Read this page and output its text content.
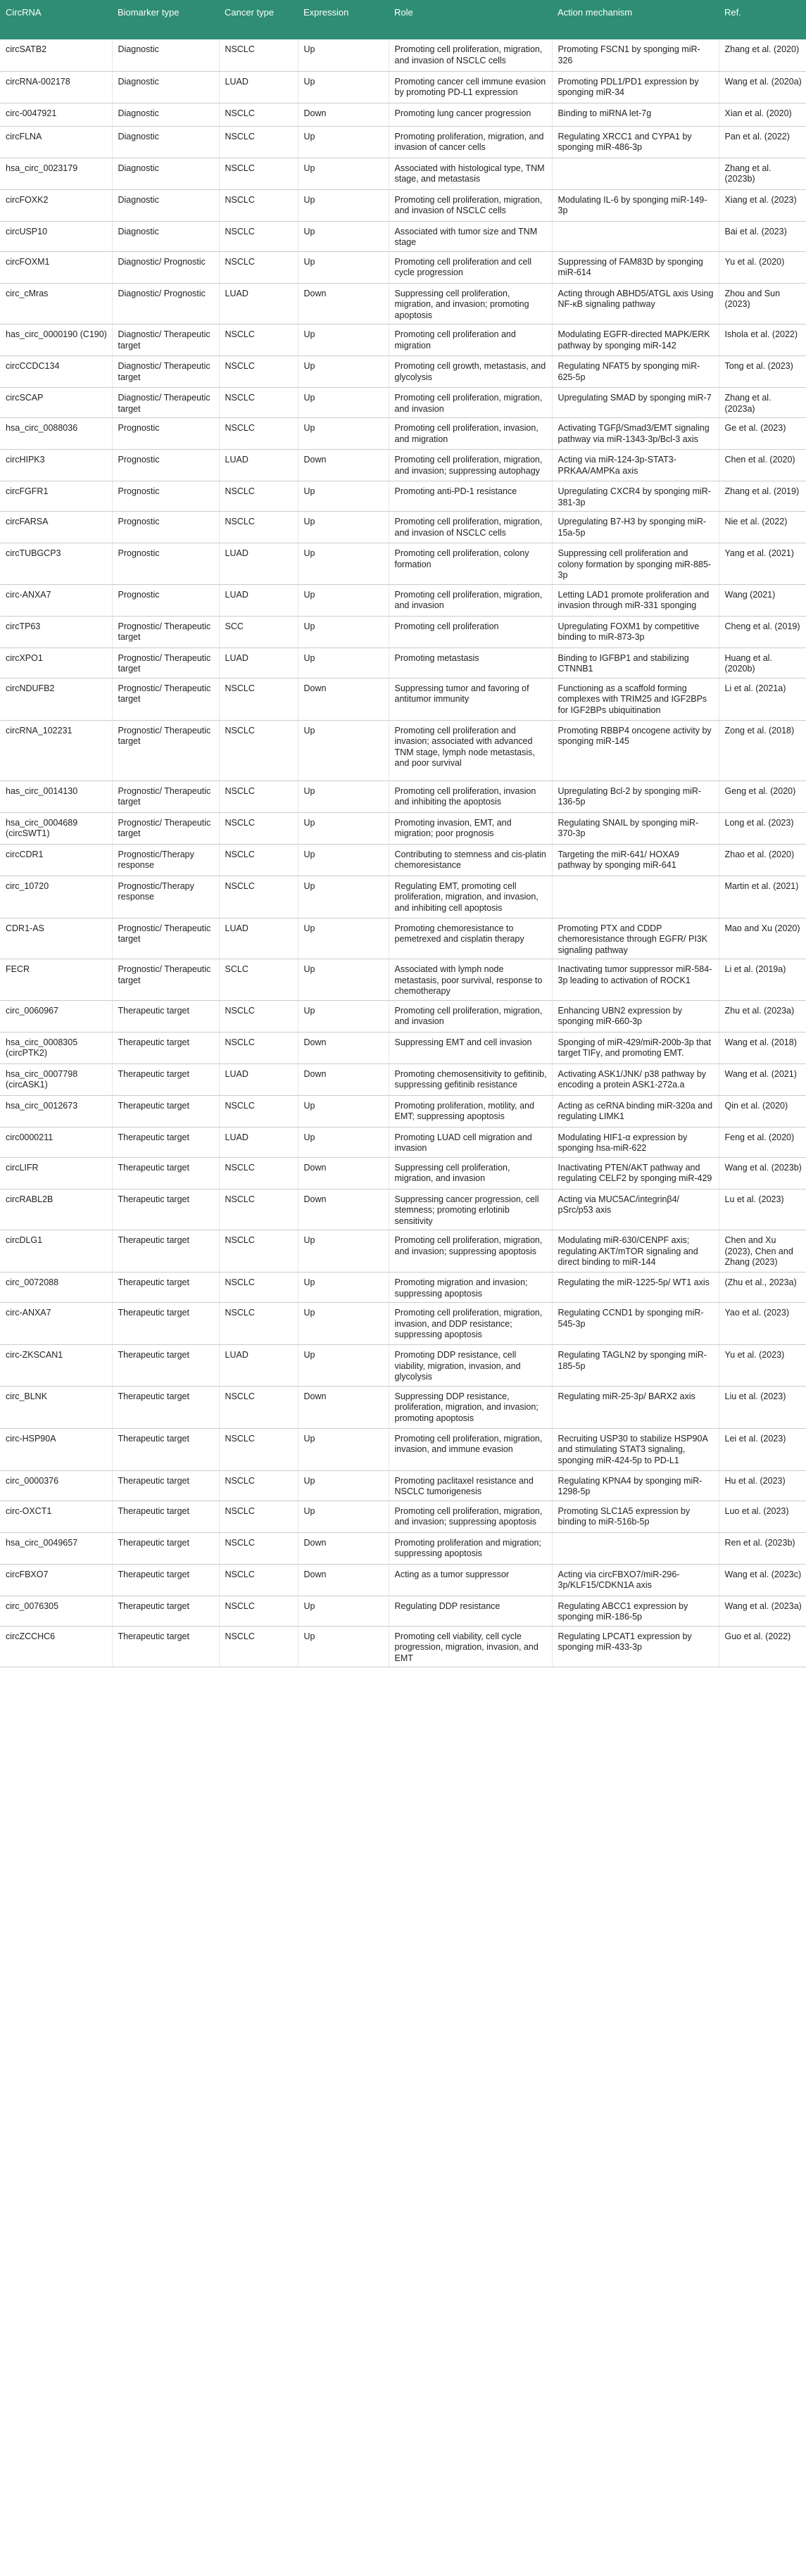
CircRNA	Biomarker type	Cancer type	Expression	Role	Action mechanism	Ref.
circSATB2	Diagnostic	NSCLC	Up	Promoting cell proliferation, migration, and invasion of NSCLC cells	Promoting FSCN1 by sponging miR-326	Zhang et al. (2020)
circRNA-002178	Diagnostic	LUAD	Up	Promoting cancer cell immune evasion by promoting PD-L1 expression	Promoting PDL1/PD1 expression by sponging miR-34	Wang et al. (2020a)
circ-0047921	Diagnostic	NSCLC	Down	Promoting lung cancer progression	Binding to miRNA let-7g	Xian et al. (2020)
circFLNA	Diagnostic	NSCLC	Up	Promoting proliferation, migration, and invasion of cancer cells	Regulating XRCC1 and CYPA1 by sponging miR-486-3p	Pan et al. (2022)
hsa_circ_0023179	Diagnostic	NSCLC	Up	Associated with histological type, TNM stage, and metastasis		Zhang et al. (2023b)
circFOXK2	Diagnostic	NSCLC	Up	Promoting cell proliferation, migration, and invasion of NSCLC cells	Modulating IL-6 by sponging miR-149-3p	Xiang et al. (2023)
circUSP10	Diagnostic	NSCLC	Up	Associated with tumor size and TNM stage		Bai et al. (2023)
circFOXM1	Diagnostic/ Prognostic	NSCLC	Up	Promoting cell proliferation and cell cycle progression	Suppressing of FAM83D by sponging miR-614	Yu et al. (2020)
circ_cMras	Diagnostic/ Prognostic	LUAD	Down	Suppressing cell proliferation, migration, and invasion; promoting apoptosis	Acting through ABHD5/ATGL axis Using NF-κB signaling pathway	Zhou and Sun (2023)
has_circ_0000190 (C190)	Diagnostic/ Therapeutic target	NSCLC	Up	Promoting cell proliferation and migration	Modulating EGFR-directed MAPK/ERK pathway by sponging miR-142	Ishola et al. (2022)
circCCDC134	Diagnostic/ Therapeutic target	NSCLC	Up	Promoting cell growth, metastasis, and glycolysis	Regulating NFAT5 by sponging miR-625-5p	Tong et al. (2023)
circSCAP	Diagnostic/ Therapeutic target	NSCLC	Up	Promoting cell proliferation, migration, and invasion	Upregulating SMAD by sponging miR-7	Zhang et al. (2023a)
hsa_circ_0088036	Prognostic	NSCLC	Up	Promoting cell proliferation, invasion, and migration	Activating TGFβ/Smad3/EMT signaling pathway via miR-1343-3p/Bcl-3 axis	Ge et al. (2023)
circHIPK3	Prognostic	LUAD	Down	Promoting cell proliferation, migration, and invasion; suppressing autophagy	Acting via miR-124-3p-STAT3-PRKAA/AMPKa axis	Chen et al. (2020)
circFGFR1	Prognostic	NSCLC	Up	Promoting anti-PD-1 resistance	Upregulating CXCR4 by sponging miR-381-3p	Zhang et al. (2019)
circFARSA	Prognostic	NSCLC	Up	Promoting cell proliferation, migration, and invasion of NSCLC cells	Upregulating B7-H3 by sponging miR-15a-5p	Nie et al. (2022)
circTUBGCP3	Prognostic	LUAD	Up	Promoting cell proliferation, colony formation	Suppressing cell proliferation and colony formation by sponging miR-885-3p	Yang et al. (2021)
circ-ANXA7	Prognostic	LUAD	Up	Promoting cell proliferation, migration, and invasion	Letting LAD1 promote proliferation and invasion through miR-331 sponging	Wang (2021)
circTP63	Prognostic/ Therapeutic target	SCC	Up	Promoting cell proliferation	Upregulating FOXM1 by competitive binding to miR-873-3p	Cheng et al. (2019)
circXPO1	Prognostic/ Therapeutic target	LUAD	Up	Promoting metastasis	Binding to IGFBP1 and stabilizing CTNNB1	Huang et al. (2020b)
circNDUFB2	Prognostic/ Therapeutic target	NSCLC	Down	Suppressing tumor and favoring of antitumor immunity	Functioning as a scaffold forming complexes with TRIM25 and IGF2BPs for IGF2BPs ubiquitination	Li et al. (2021a)
circRNA_102231	Prognostic/ Therapeutic target	NSCLC	Up	Promoting cell proliferation and invasion; associated with advanced TNM stage, lymph node metastasis, and poor survival	Promoting RBBP4 oncogene activity by sponging miR-145	Zong et al. (2018)
has_circ_0014130	Prognostic/ Therapeutic target	NSCLC	Up	Promoting cell proliferation, invasion and inhibiting the apoptosis	Upregulating Bcl-2 by sponging miR-136-5p	Geng et al. (2020)
hsa_circ_0004689 (circSWT1)	Prognostic/ Therapeutic target	NSCLC	Up	Promoting invasion, EMT, and migration; poor prognosis	Regulating SNAIL by sponging miR-370-3p	Long et al. (2023)
circCDR1	Prognostic/Therapy response	NSCLC	Up	Contributing to stemness and cis-platin chemoresistance	Targeting the miR-641/ HOXA9 pathway by sponging miR-641	Zhao et al. (2020)
circ_10720	Prognostic/Therapy response	NSCLC	Up	Regulating EMT, promoting cell proliferation, migration, and invasion, and inhibiting cell apoptosis		Martin et al. (2021)
CDR1-AS	Prognostic/ Therapeutic target	LUAD	Up	Promoting chemoresistance to pemetrexed and cisplatin therapy	Promoting PTX and CDDP chemoresistance through EGFR/ PI3K signaling pathway	Mao and Xu (2020)
FECR	Prognostic/ Therapeutic target	SCLC	Up	Associated with lymph node metastasis, poor survival, response to chemotherapy	Inactivating tumor suppressor miR-584-3p leading to activation of ROCK1	Li et al. (2019a)
circ_0060967	Therapeutic target	NSCLC	Up	Promoting cell proliferation, migration, and invasion	Enhancing UBN2 expression by sponging miR-660-3p	Zhu et al. (2023a)
hsa_circ_0008305 (circPTK2)	Therapeutic target	NSCLC	Down	Suppressing EMT and cell invasion	Sponging of miR-429/miR-200b-3p that target TIFγ, and promoting EMT.	Wang et al. (2018)
hsa_circ_0007798 (circASK1)	Therapeutic target	LUAD	Down	Promoting chemosensitivity to gefitinib, suppressing gefitinib resistance	Activating ASK1/JNK/ p38 pathway by encoding a protein ASK1-272a.a	Wang et al. (2021)
hsa_circ_0012673	Therapeutic target	NSCLC	Up	Promoting proliferation, motility, and EMT; suppressing apoptosis	Acting as ceRNA binding miR-320a and regulating LIMK1	Qin et al. (2020)
circ0000211	Therapeutic target	LUAD	Up	Promoting LUAD cell migration and invasion	Modulating HIF1-α expression by sponging hsa-miR-622	Feng et al. (2020)
circLIFR	Therapeutic target	NSCLC	Down	Suppressing cell proliferation, migration, and invasion	Inactivating PTEN/AKT pathway and regulating CELF2 by sponging miR-429	Wang et al. (2023b)
circRABL2B	Therapeutic target	NSCLC	Down	Suppressing cancer progression, cell stemness; promoting erlotinib sensitivity	Acting via MUC5AC/integrinβ4/ pSrc/p53 axis	Lu et al. (2023)
circDLG1	Therapeutic target	NSCLC	Up	Promoting cell proliferation, migration, and invasion; suppressing apoptosis	Modulating miR-630/CENPF axis; regulating AKT/mTOR signaling and direct binding to miR-144	Chen and Xu (2023), Chen and Zhang (2023)
circ_0072088	Therapeutic target	NSCLC	Up	Promoting migration and invasion; suppressing apoptosis	Regulating the miR-1225-5p/ WT1 axis	(Zhu et al., 2023a)
circ-ANXA7	Therapeutic target	NSCLC	Up	Promoting cell proliferation, migration, invasion, and DDP resistance; suppressing apoptosis	Regulating CCND1 by sponging miR-545-3p	Yao et al. (2023)
circ-ZKSCAN1	Therapeutic target	LUAD	Up	Promoting DDP resistance, cell viability, migration, invasion, and glycolysis	Regulating TAGLN2 by sponging miR-185-5p	Yu et al. (2023)
circ_BLNK	Therapeutic target	NSCLC	Down	Suppressing DDP resistance, proliferation, migration, and invasion; promoting apoptosis	Regulating miR-25-3p/ BARX2 axis	Liu et al. (2023)
circ-HSP90A	Therapeutic target	NSCLC	Up	Promoting cell proliferation, migration, invasion, and immune evasion	Recruiting USP30 to stabilize HSP90A and stimulating STAT3 signaling, sponging miR-424-5p to PD-L1	Lei et al. (2023)
circ_0000376	Therapeutic target	NSCLC	Up	Promoting paclitaxel resistance and NSCLC tumorigenesis	Regulating KPNA4 by sponging miR-1298-5p	Hu et al. (2023)
circ-OXCT1	Therapeutic target	NSCLC	Up	Promoting cell proliferation, migration, and invasion; suppressing apoptosis	Promoting SLC1A5 expression by binding to miR-516b-5p	Luo et al. (2023)
hsa_circ_0049657	Therapeutic target	NSCLC	Down	Promoting proliferation and migration; suppressing apoptosis		Ren et al. (2023b)
circFBXO7	Therapeutic target	NSCLC	Down	Acting as a tumor suppressor	Acting via circFBXO7/miR-296-3p/KLF15/CDKN1A axis	Wang et al. (2023c)
circ_0076305	Therapeutic target	NSCLC	Up	Regulating DDP resistance	Regulating ABCC1 expression by sponging miR-186-5p	Wang et al. (2023a)
circZCCHC6	Therapeutic target	NSCLC	Up	Promoting cell viability, cell cycle progression, migration, invasion, and EMT	Regulating LPCAT1 expression by sponging miR-433-3p	Guo et al. (2022)
